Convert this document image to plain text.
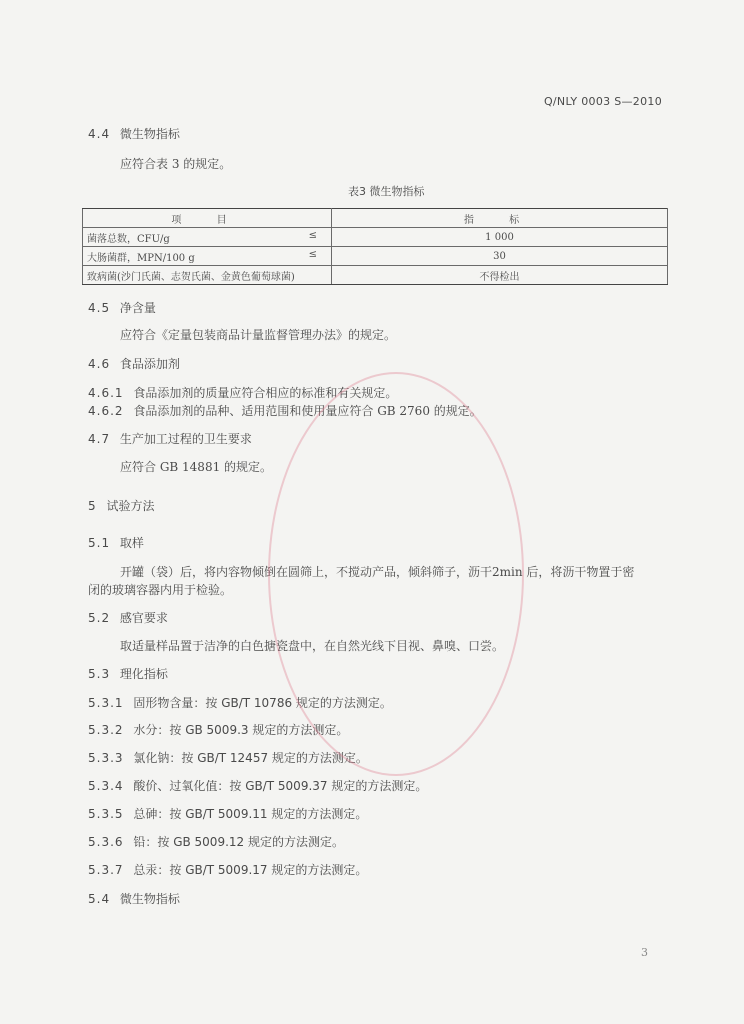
Q/NLY 0003 S—2010
4.4 微生物指标
应符合表 3 的规定。
表3 微生物指标
项 目	指 标
菌落总数，CFU/g ≤	1 000
大肠菌群，MPN/100 g ≤	30
致病菌(沙门氏菌、志贺氏菌、金黄色葡萄球菌)	不得检出
4.5 净含量
应符合《定量包装商品计量监督管理办法》的规定。
4.6 食品添加剂
4.6.1 食品添加剂的质量应符合相应的标准和有关规定。
4.6.2 食品添加剂的品种、适用范围和使用量应符合 GB 2760 的规定。
4.7 生产加工过程的卫生要求
应符合 GB 14881 的规定。
5 试验方法
5.1 取样
开罐（袋）后，将内容物倾倒在圆筛上，不搅动产品，倾斜筛子，沥干2min 后，将沥干物置于密
闭的玻璃容器内用于检验。
5.2 感官要求
取适量样品置于洁净的白色搪瓷盘中，在自然光线下目视、鼻嗅、口尝。
5.3 理化指标
5.3.1 固形物含量：按 GB/T 10786 规定的方法测定。
5.3.2 水分：按 GB 5009.3 规定的方法测定。
5.3.3 氯化钠：按 GB/T 12457 规定的方法测定。
5.3.4 酸价、过氧化值：按 GB/T 5009.37 规定的方法测定。
5.3.5 总砷：按 GB/T 5009.11 规定的方法测定。
5.3.6 铅：按 GB 5009.12 规定的方法测定。
5.3.7 总汞：按 GB/T 5009.17 规定的方法测定。
5.4 微生物指标
3
